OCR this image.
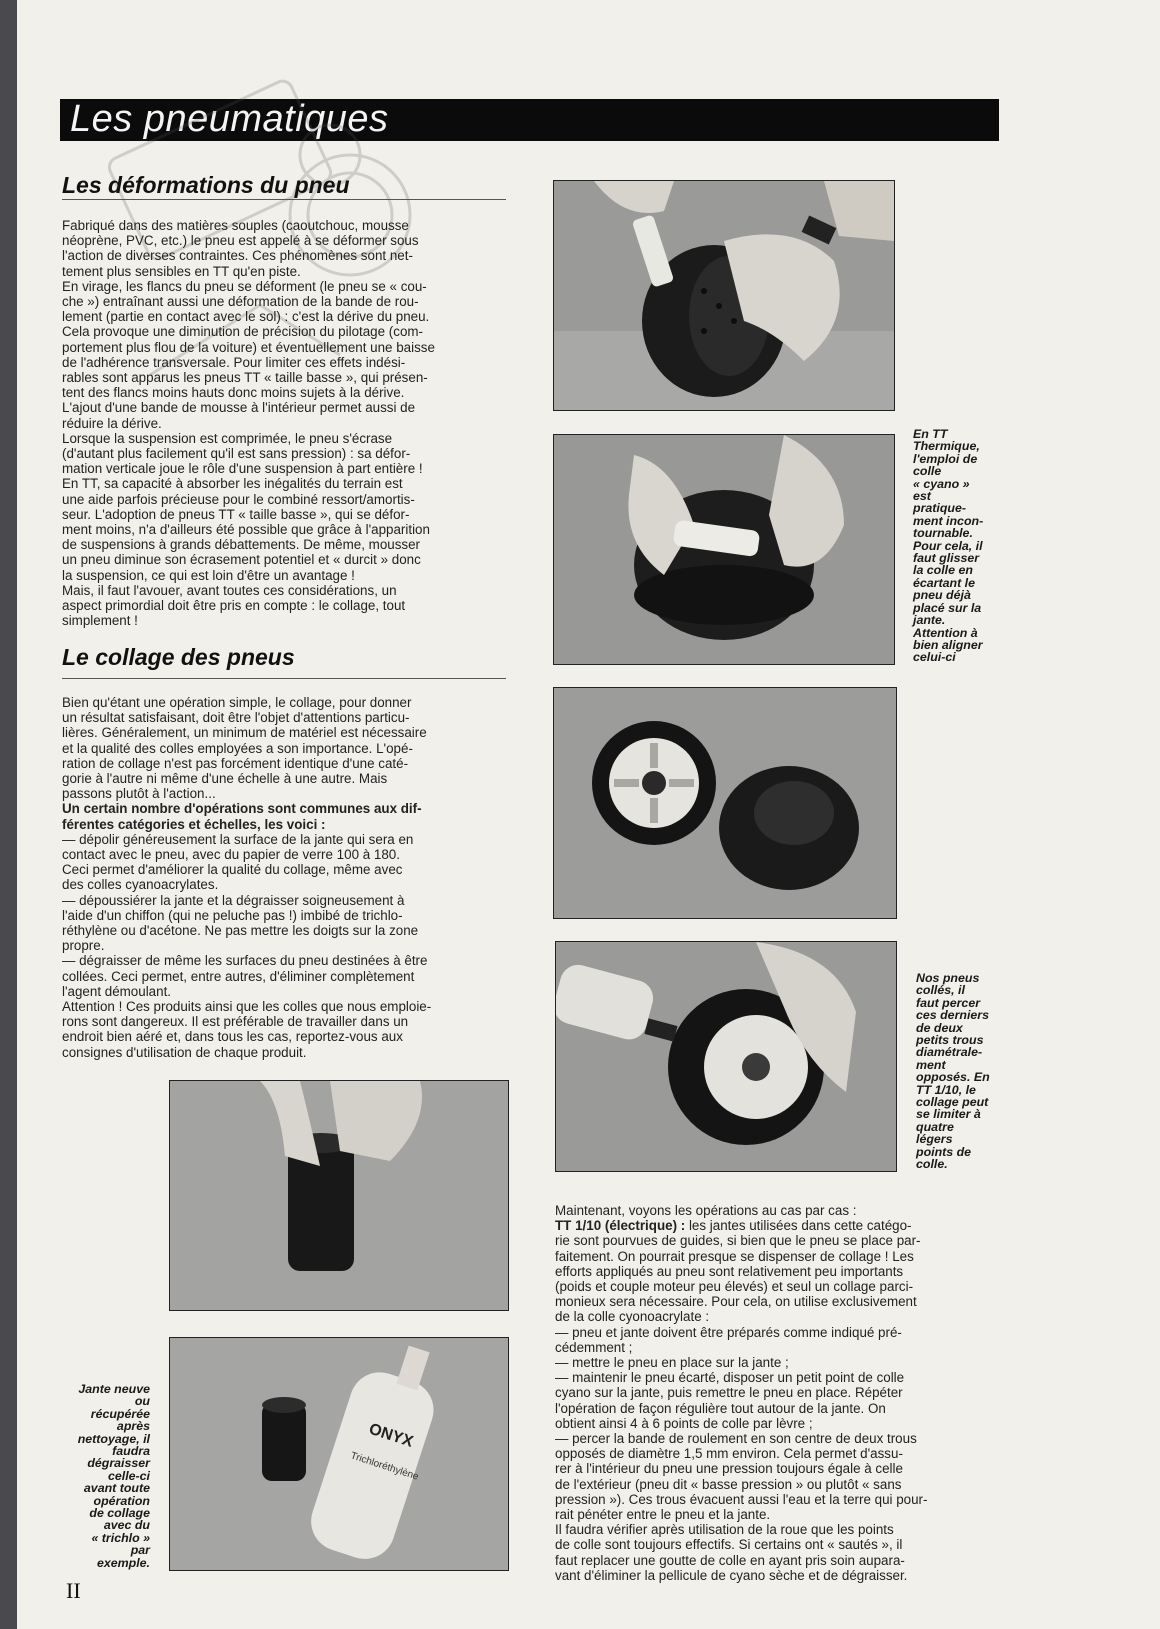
Les pneumatiques
Les déformations du pneu
Fabriqué dans des matières souples (caoutchouc, mousse
néoprène, PVC, etc.) le pneu est appelé à se déformer sous
l'action de diverses contraintes. Ces phénomènes sont net-
tement plus sensibles en TT qu'en piste.
En virage, les flancs du pneu se déforment (le pneu se « cou-
che ») entraînant aussi une déformation de la bande de rou-
lement (partie en contact avec le sol) : c'est la dérive du pneu.
Cela provoque une diminution de précision du pilotage (com-
portement plus flou de la voiture) et éventuellement une baisse
de l'adhérence transversale. Pour limiter ces effets indési-
rables sont apparus les pneus TT « taille basse », qui présen-
tent des flancs moins hauts donc moins sujets à la dérive.
L'ajout d'une bande de mousse à l'intérieur permet aussi de
réduire la dérive.
Lorsque la suspension est comprimée, le pneu s'écrase
(d'autant plus facilement qu'il est sans pression) : sa défor-
mation verticale joue le rôle d'une suspension à part entière !
En TT, sa capacité à absorber les inégalités du terrain est
une aide parfois précieuse pour le combiné ressort/amortis-
seur. L'adoption de pneus TT « taille basse », qui se défor-
ment moins, n'a d'ailleurs été possible que grâce à l'apparition
de suspensions à grands débattements. De même, mousser
un pneu diminue son écrasement potentiel et « durcit » donc
la suspension, ce qui est loin d'être un avantage !
Mais, il faut l'avouer, avant toutes ces considérations, un
aspect primordial doit être pris en compte : le collage, tout
simplement !
Le collage des pneus
Bien qu'étant une opération simple, le collage, pour donner
un résultat satisfaisant, doit être l'objet d'attentions particu-
lières. Généralement, un minimum de matériel est nécessaire
et la qualité des colles employées a son importance. L'opé-
ration de collage n'est pas forcément identique d'une caté-
gorie à l'autre ni même d'une échelle à une autre. Mais
passons plutôt à l'action...
Un certain nombre d'opérations sont communes aux dif-
férentes catégories et échelles, les voici :
— dépolir généreusement la surface de la jante qui sera en
contact avec le pneu, avec du papier de verre 100 à 180.
Ceci permet d'améliorer la qualité du collage, même avec
des colles cyanoacrylates.
— dépoussiérer la jante et la dégraisser soigneusement à
l'aide d'un chiffon (qui ne peluche pas !) imbibé de trichlo-
réthylène ou d'acétone. Ne pas mettre les doigts sur la zone
propre.
— dégraisser de même les surfaces du pneu destinées à être
collées. Ceci permet, entre autres, d'éliminer complètement
l'agent démoulant.
Attention ! Ces produits ainsi que les colles que nous emploie-
rons sont dangereux. Il est préférable de travailler dans un
endroit bien aéré et, dans tous les cas, reportez-vous aux
consignes d'utilisation de chaque produit.
Maintenant, voyons les opérations au cas par cas :
TT 1/10 (électrique) : les jantes utilisées dans cette catégo-
rie sont pourvues de guides, si bien que le pneu se place par-
faitement. On pourrait presque se dispenser de collage ! Les
efforts appliqués au pneu sont relativement peu importants
(poids et couple moteur peu élevés) et seul un collage parci-
monieux sera nécessaire. Pour cela, on utilise exclusivement
de la colle cyonoacrylate :
— pneu et jante doivent être préparés comme indiqué pré-
cédemment ;
— mettre le pneu en place sur la jante ;
— maintenir le pneu écarté, disposer un petit point de colle
cyano sur la jante, puis remettre le pneu en place. Répéter
l'opération de façon régulière tout autour de la jante. On
obtient ainsi 4 à 6 points de colle par lèvre ;
— percer la bande de roulement en son centre de deux trous
opposés de diamètre 1,5 mm environ. Cela permet d'assu-
rer à l'intérieur du pneu une pression toujours égale à celle
de l'extérieur (pneu dit « basse pression » ou plutôt « sans
pression »). Ces trous évacuent aussi l'eau et la terre qui pour-
rait pénéter entre le pneu et la jante.
Il faudra vérifier après utilisation de la roue que les points
de colle sont toujours effectifs. Si certains ont « sautés », il
faut replacer une goutte de colle en ayant pris soin aupara-
vant d'éliminer la pellicule de cyano sèche et de dégraisser.
ONYX
Trichloréthylène
En TT
Thermique,
l'emploi de
colle
« cyano »
est
pratique-
ment incon-
tournable.
Pour cela, il
faut glisser
la colle en
écartant le
pneu déjà
placé sur la
jante.
Attention à
bien aligner
celui-ci
Nos pneus
collés, il
faut percer
ces derniers
de deux
petits trous
diamétrale-
ment
opposés. En
TT 1/10, le
collage peut
se limiter à
quatre
légers
points de
colle.
Jante neuve
ou
récupérée
après
nettoyage, il
faudra
dégraisser
celle-ci
avant toute
opération
de collage
avec du
« trichlo »
par
exemple.
II
